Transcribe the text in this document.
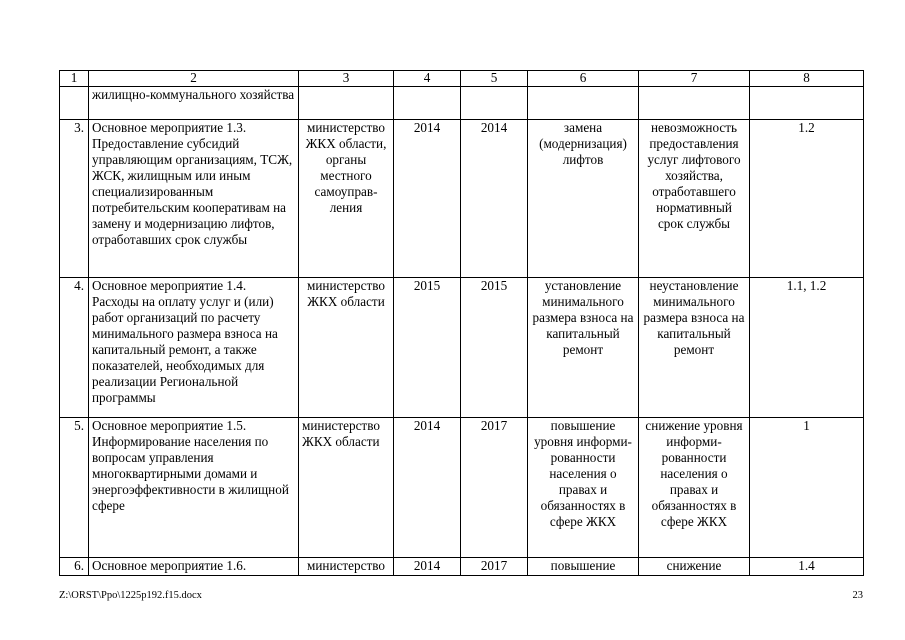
1	2	3	4	5	6	7	8
	жилищно-коммунального хозяйства						
3.	Основное мероприятие 1.3. Предоставление субсидий управляющим организациям, ТСЖ, ЖСК, жилищным или иным специализированным потребительским кооперативам на замену и модернизацию лифтов, отработавших срок службы	министерство ЖКХ области, органы местного самоуправ-ления	2014	2014	замена (модернизация) лифтов	невозможность предоставления услуг лифтового хозяйства, отработавшего нормативный срок службы	1.2
4.	Основное мероприятие 1.4. Расходы на оплату услуг и (или) работ организаций по расчету минимального размера взноса на капитальный ремонт, а также показателей, необходимых для реализации Региональной программы	министерство ЖКХ области	2015	2015	установление минимального размера взноса на капитальный ремонт	неустановление минимального размера взноса на капитальный ремонт	1.1, 1.2
5.	Основное мероприятие 1.5. Информирование населения по вопросам управления многоквартирными домами и энергоэффективности в жилищной сфере	министерство ЖКХ области	2014	2017	повышение уровня информи-рованности населения о правах и обязанностях в сфере ЖКХ	снижение уровня информи-рованности населения о правах и обязанностях в сфере ЖКХ	1
6.	Основное мероприятие 1.6.	министерство	2014	2017	повышение	снижение	1.4
Z:\ORST\Ppo\1225p192.f15.docx	23
